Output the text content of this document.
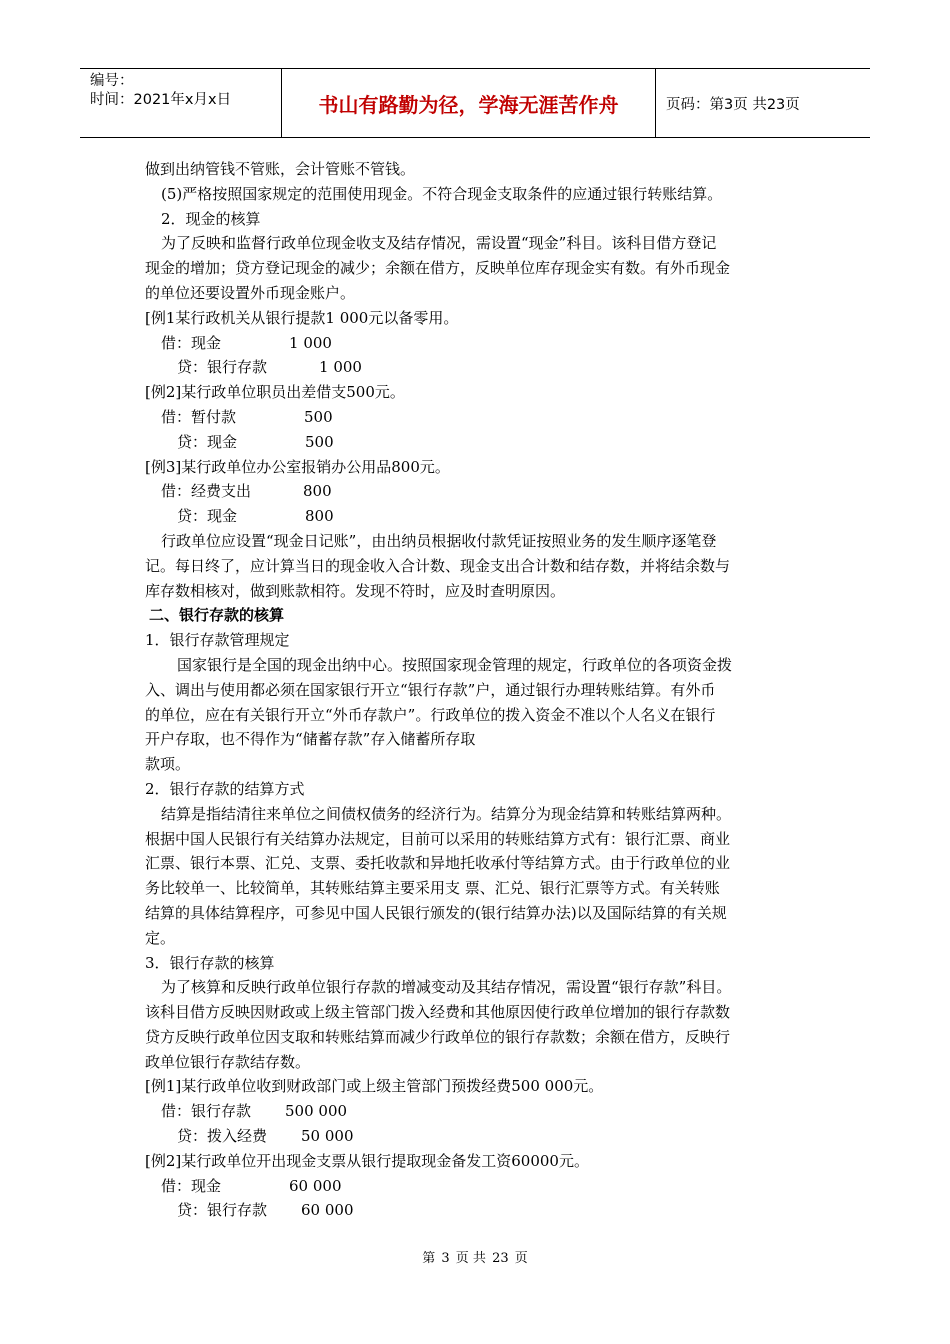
编号：
时间：2021年x月x日	书山有路勤为径，学海无涯苦作舟	页码：第3页 共23页
做到出纳管钱不管账，会计管账不管钱。
(5)严格按照国家规定的范围使用现金。不符合现金支取条件的应通过银行转账结算。
2．现金的核算
为了反映和监督行政单位现金收支及结存情况，需设置“现金”科目。该科目借方登记
现金的增加；贷方登记现金的减少；余额在借方，反映单位库存现金实有数。有外币现金
的单位还要设置外币现金账户。
[例1某行政机关从银行提款1 000元以备零用。
借：现金	1 000
贷：银行存款	1 000
[例2]某行政单位职员出差借支500元。
借：暂付款	500
贷：现金	500
[例3]某行政单位办公室报销办公用品800元。
借：经费支出	800
贷：现金	800
行政单位应设置“现金日记账”，由出纳员根据收付款凭证按照业务的发生顺序逐笔登
记。每日终了，应计算当日的现金收入合计数、现金支出合计数和结存数，并将结余数与
库存数相核对，做到账款相符。发现不符时，应及时查明原因。
二、银行存款的核算
1．银行存款管理规定
国家银行是全国的现金出纳中心。按照国家现金管理的规定，行政单位的各项资金拨
入、调出与使用都必须在国家银行开立“银行存款”户，通过银行办理转账结算。有外币
的单位，应在有关银行开立“外币存款户”。行政单位的拨入资金不准以个人名义在银行
开户存取，也不得作为“储蓄存款”存入储蓄所存取
款项。
2．银行存款的结算方式
结算是指结清往来单位之间债权债务的经济行为。结算分为现金结算和转账结算两种。
根据中国人民银行有关结算办法规定，目前可以采用的转账结算方式有：银行汇票、商业
汇票、银行本票、汇兑、支票、委托收款和异地托收承付等结算方式。由于行政单位的业
务比较单一、比较简单，其转账结算主要采用支 票、汇兑、银行汇票等方式。有关转账
结算的具体结算程序，可参见中国人民银行颁发的(银行结算办法)以及国际结算的有关规
定。
3．银行存款的核算
为了核算和反映行政单位银行存款的增减变动及其结存情况，需设置“银行存款”科目。
该科目借方反映因财政或上级主管部门拨入经费和其他原因使行政单位增加的银行存款数
贷方反映行政单位因支取和转账结算而减少行政单位的银行存款数；余额在借方，反映行
政单位银行存款结存数。
[例1]某行政单位收到财政部门或上级主管部门预拨经费500 000元。
借：银行存款 500 000
贷：拨入经费 50 000
[例2]某行政单位开出现金支票从银行提取现金备发工资60000元。
借：现金	60 000
贷：银行存款 60 000
第 3 页 共 23 页
